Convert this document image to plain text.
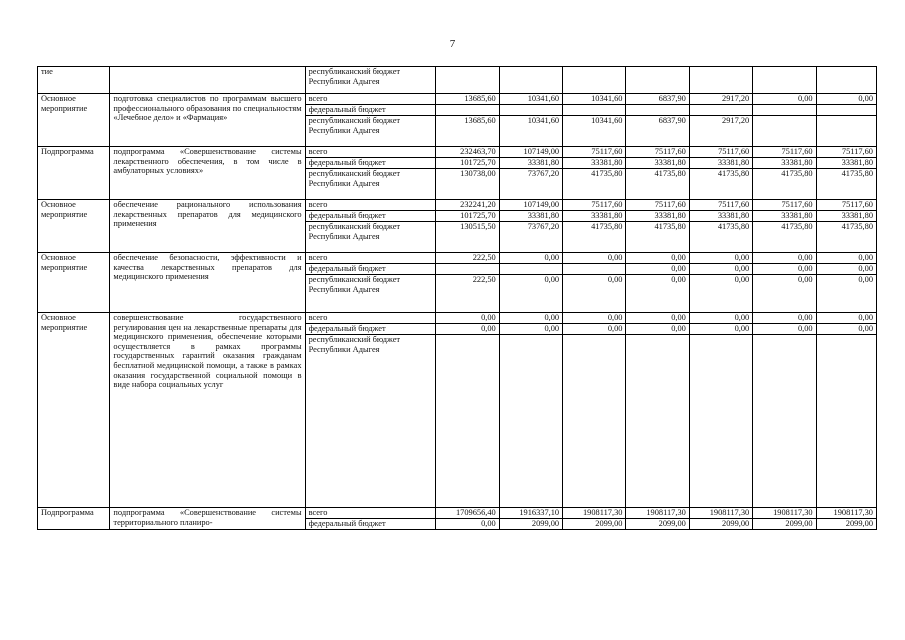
7
тие		республиканский бюджет Республики Адыгея							
Основное мероприятие	подготовка специалистов по программам высшего профессионального образования по специальностям «Лечебное дело» и «Фармация»	всего	13685,60	10341,60	10341,60	6837,90	2917,20	0,00	0,00
		федеральный бюджет							
		республиканский бюджет Республики Адыгея	13685,60	10341,60	10341,60	6837,90	2917,20		
Подпрограмма	подпрограмма «Совершенствование системы лекарственного обеспечения, в том числе в амбулаторных условиях»	всего	232463,70	107149,00	75117,60	75117,60	75117,60	75117,60	75117,60
		федеральный бюджет	101725,70	33381,80	33381,80	33381,80	33381,80	33381,80	33381,80
		республиканский бюджет Республики Адыгея	130738,00	73767,20	41735,80	41735,80	41735,80	41735,80	41735,80
Основное мероприятие	обеспечение рационального использования лекарственных препаратов для медицинского применения	всего	232241,20	107149,00	75117,60	75117,60	75117,60	75117,60	75117,60
		федеральный бюджет	101725,70	33381,80	33381,80	33381,80	33381,80	33381,80	33381,80
		республиканский бюджет Республики Адыгея	130515,50	73767,20	41735,80	41735,80	41735,80	41735,80	41735,80
Основное мероприятие	обеспечение безопасности, эффективности и качества лекарственных препаратов для медицинского применения	всего	222,50	0,00	0,00	0,00	0,00	0,00	0,00
		федеральный бюджет				0,00	0,00	0,00	0,00
		республиканский бюджет Республики Адыгея	222,50	0,00	0,00	0,00	0,00	0,00	0,00
Основное мероприятие	совершенствование государственного регулирования цен на лекарственные препараты для медицинского применения, обеспечение которыми осуществляется в рамках программы государственных гарантий оказания гражданам бесплатной медицинской помощи, а также в рамках оказания государственной социальной помощи в виде набора социальных услуг	всего	0,00	0,00	0,00	0,00	0,00	0,00	0,00
		федеральный бюджет	0,00	0,00	0,00	0,00	0,00	0,00	0,00
		республиканский бюджет Республики Адыгея							
Подпрограмма	подпрограмма «Совершенствование системы территориального планиро-	всего	1709656,40	1916337,10	1908117,30	1908117,30	1908117,30	1908117,30	1908117,30
		федеральный бюджет	0,00	2099,00	2099,00	2099,00	2099,00	2099,00	2099,00
